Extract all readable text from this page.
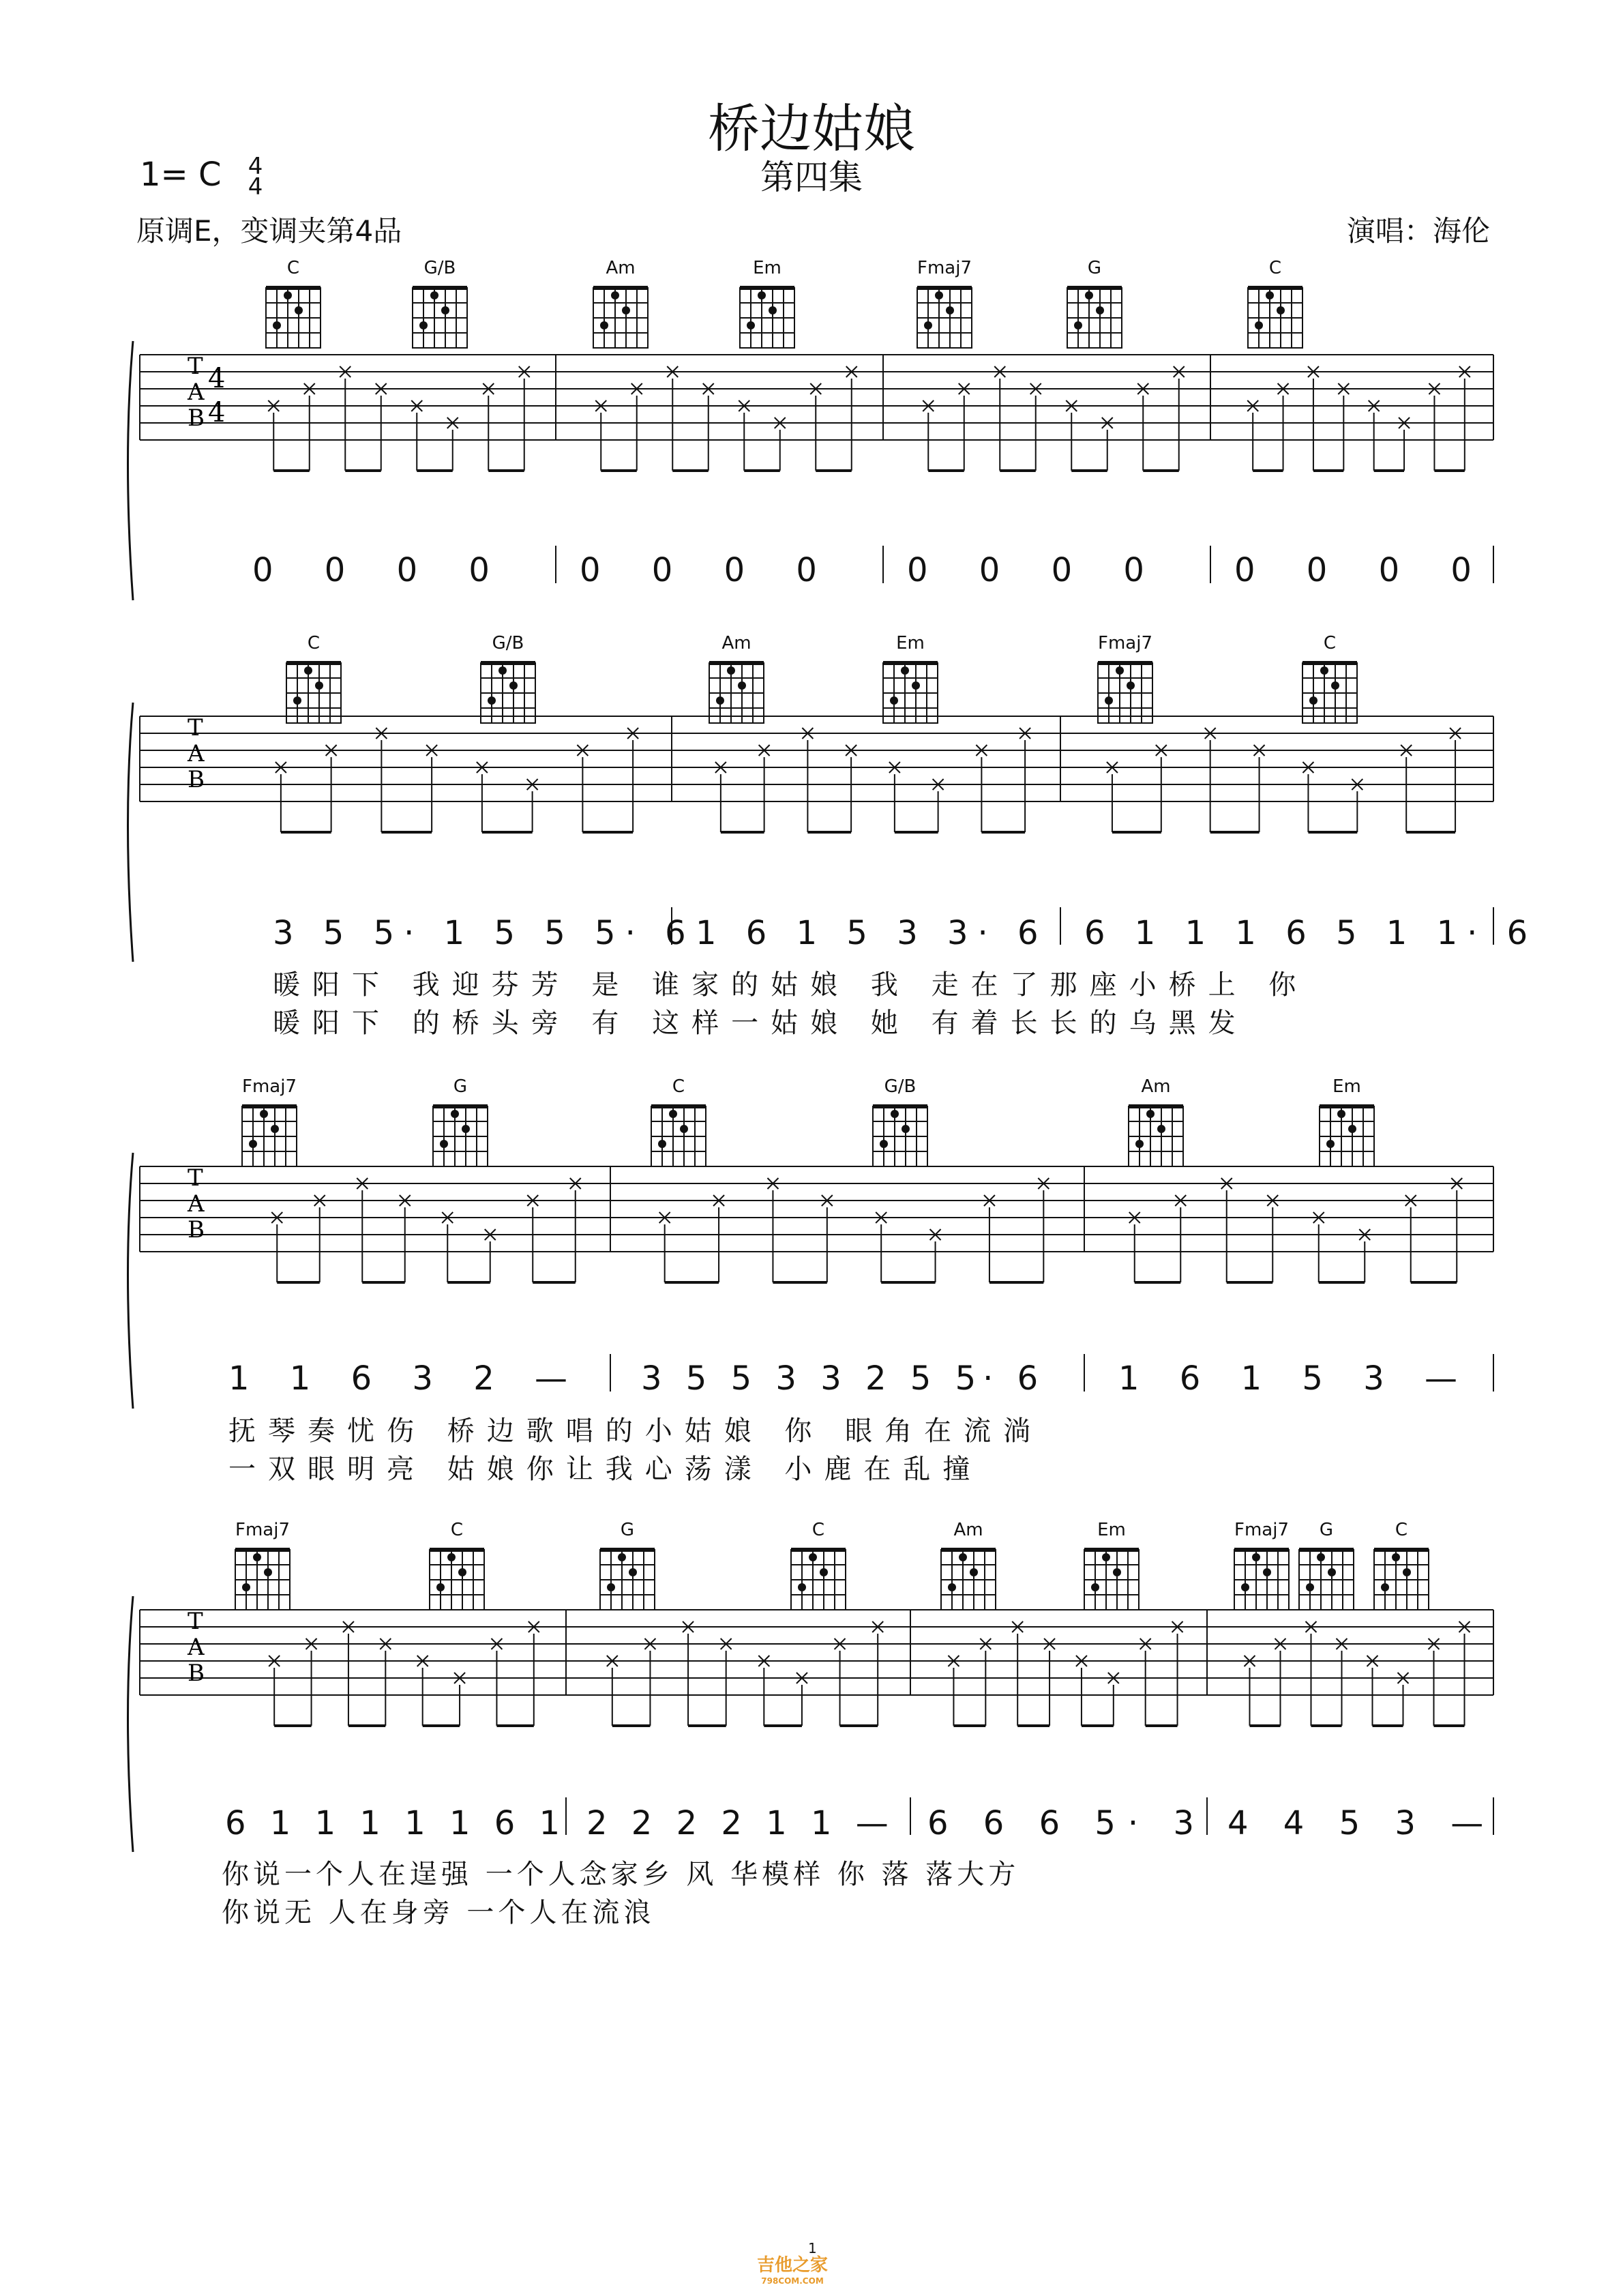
桥边姑娘
第四集
1= C 4
4
原调E，变调夹第4品	演唱：海伦
C	G/B	Am	Em	Fmaj7	G	C
C	G/B	Am	Em	Fmaj7	C
Fmaj7	G	C	G/B	Am	Em
Fmaj7	C	G	C	Am	Em	Fmaj7	G	C
T
A
B
T
A
B
T
A
B
T
A
B
4
4
0 0 0 0 0 0 0 0 0 0 0 0 0 0 0 0
3 5 5· 1 5 5 5· 6 1 6 1 5 3 3· 6 6 1 1 1 6 5 1 1· 6
暖阳下 我迎芬芳 是 谁家的姑娘 我 走在了那座小桥上 你
暖阳下 的桥头旁 有 这样一姑娘 她 有着长长的乌黑发
1 1 6 3 2 — 3 5 5 3 3 2 5 5· 6 1 6 1 5 3 —
抚琴奏忧伤 桥边歌唱的小姑娘 你 眼角在流淌
一双眼明亮 姑娘你让我心荡漾 小鹿在乱撞
6 1 1 1 1 1 6 1 2 2 2 2 1 1 — 6 6 6 5· 3 4 4 5 3 —
你说一个人在逞强 一个人念家乡 风 华模样 你 落 落大方
你说无 人在身旁 一个人在流浪
1
吉他之家
798COM.COM
